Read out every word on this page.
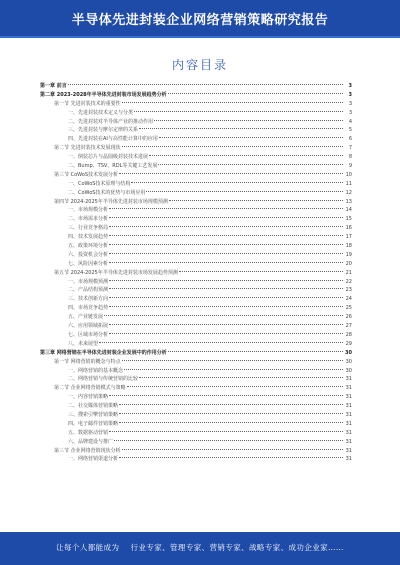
半导体先进封装企业网络营销策略研究报告
内容目录
第一章 前言	3
第二章 2023-2028年半导体先进封装市场发展趋势分析	3
第一节 先进封装技术的重要性	3
一、先进封装技术定义与分类	3
二、先进封装对半导体产业的推动作用	4
三、先进封装与摩尔定律的关系	5
四、先进封装在AI与高性能计算中的应用	6
第二节 先进封装技术发展现状	7
一、倒装芯片与晶圆级封装技术进展	8
二、Bump、TSV、RDL等关键工艺发展	9
第三节 CoWoS技术发展分析	10
一、CoWoS技术原理与结构	11
二、CoWoS技术的优势与市场应用	12
第四节 2024-2025年半导体先进封装市场规模预测	13
一、市场规模分析	14
二、市场需求分析	15
三、行业竞争格局	16
四、技术发展趋势	17
五、政策环境分析	18
六、投资机会分析	19
七、风险因素分析	20
第五节 2024-2025年半导体先进封装市场发展趋势预测	21
一、市场规模预测	22
二、产品结构预测	23
三、技术创新方向	24
四、市场竞争趋势	25
五、产业链发展	26
六、应用领域拓展	27
七、区域市场分析	28
八、未来展望	29
第三章 网络营销在半导体先进封装企业发展中的作用分析	30
第一节 网络营销的概念与特点	30
一、网络营销的基本概念	30
二、网络营销与传统营销的比较	31
第二节 企业网络营销模式与策略	31
一、内容营销策略	31
二、社交媒体营销策略	31
三、搜索引擎营销策略	31
四、电子邮件营销策略	31
五、数据驱动营销	31
六、品牌建设与推广	31
第三节 企业网络营销现状分析	31
一、网络营销渠道分析	31
让每个人都能成为 行业专家、管理专家、营销专家、战略专家、成功企业家……
